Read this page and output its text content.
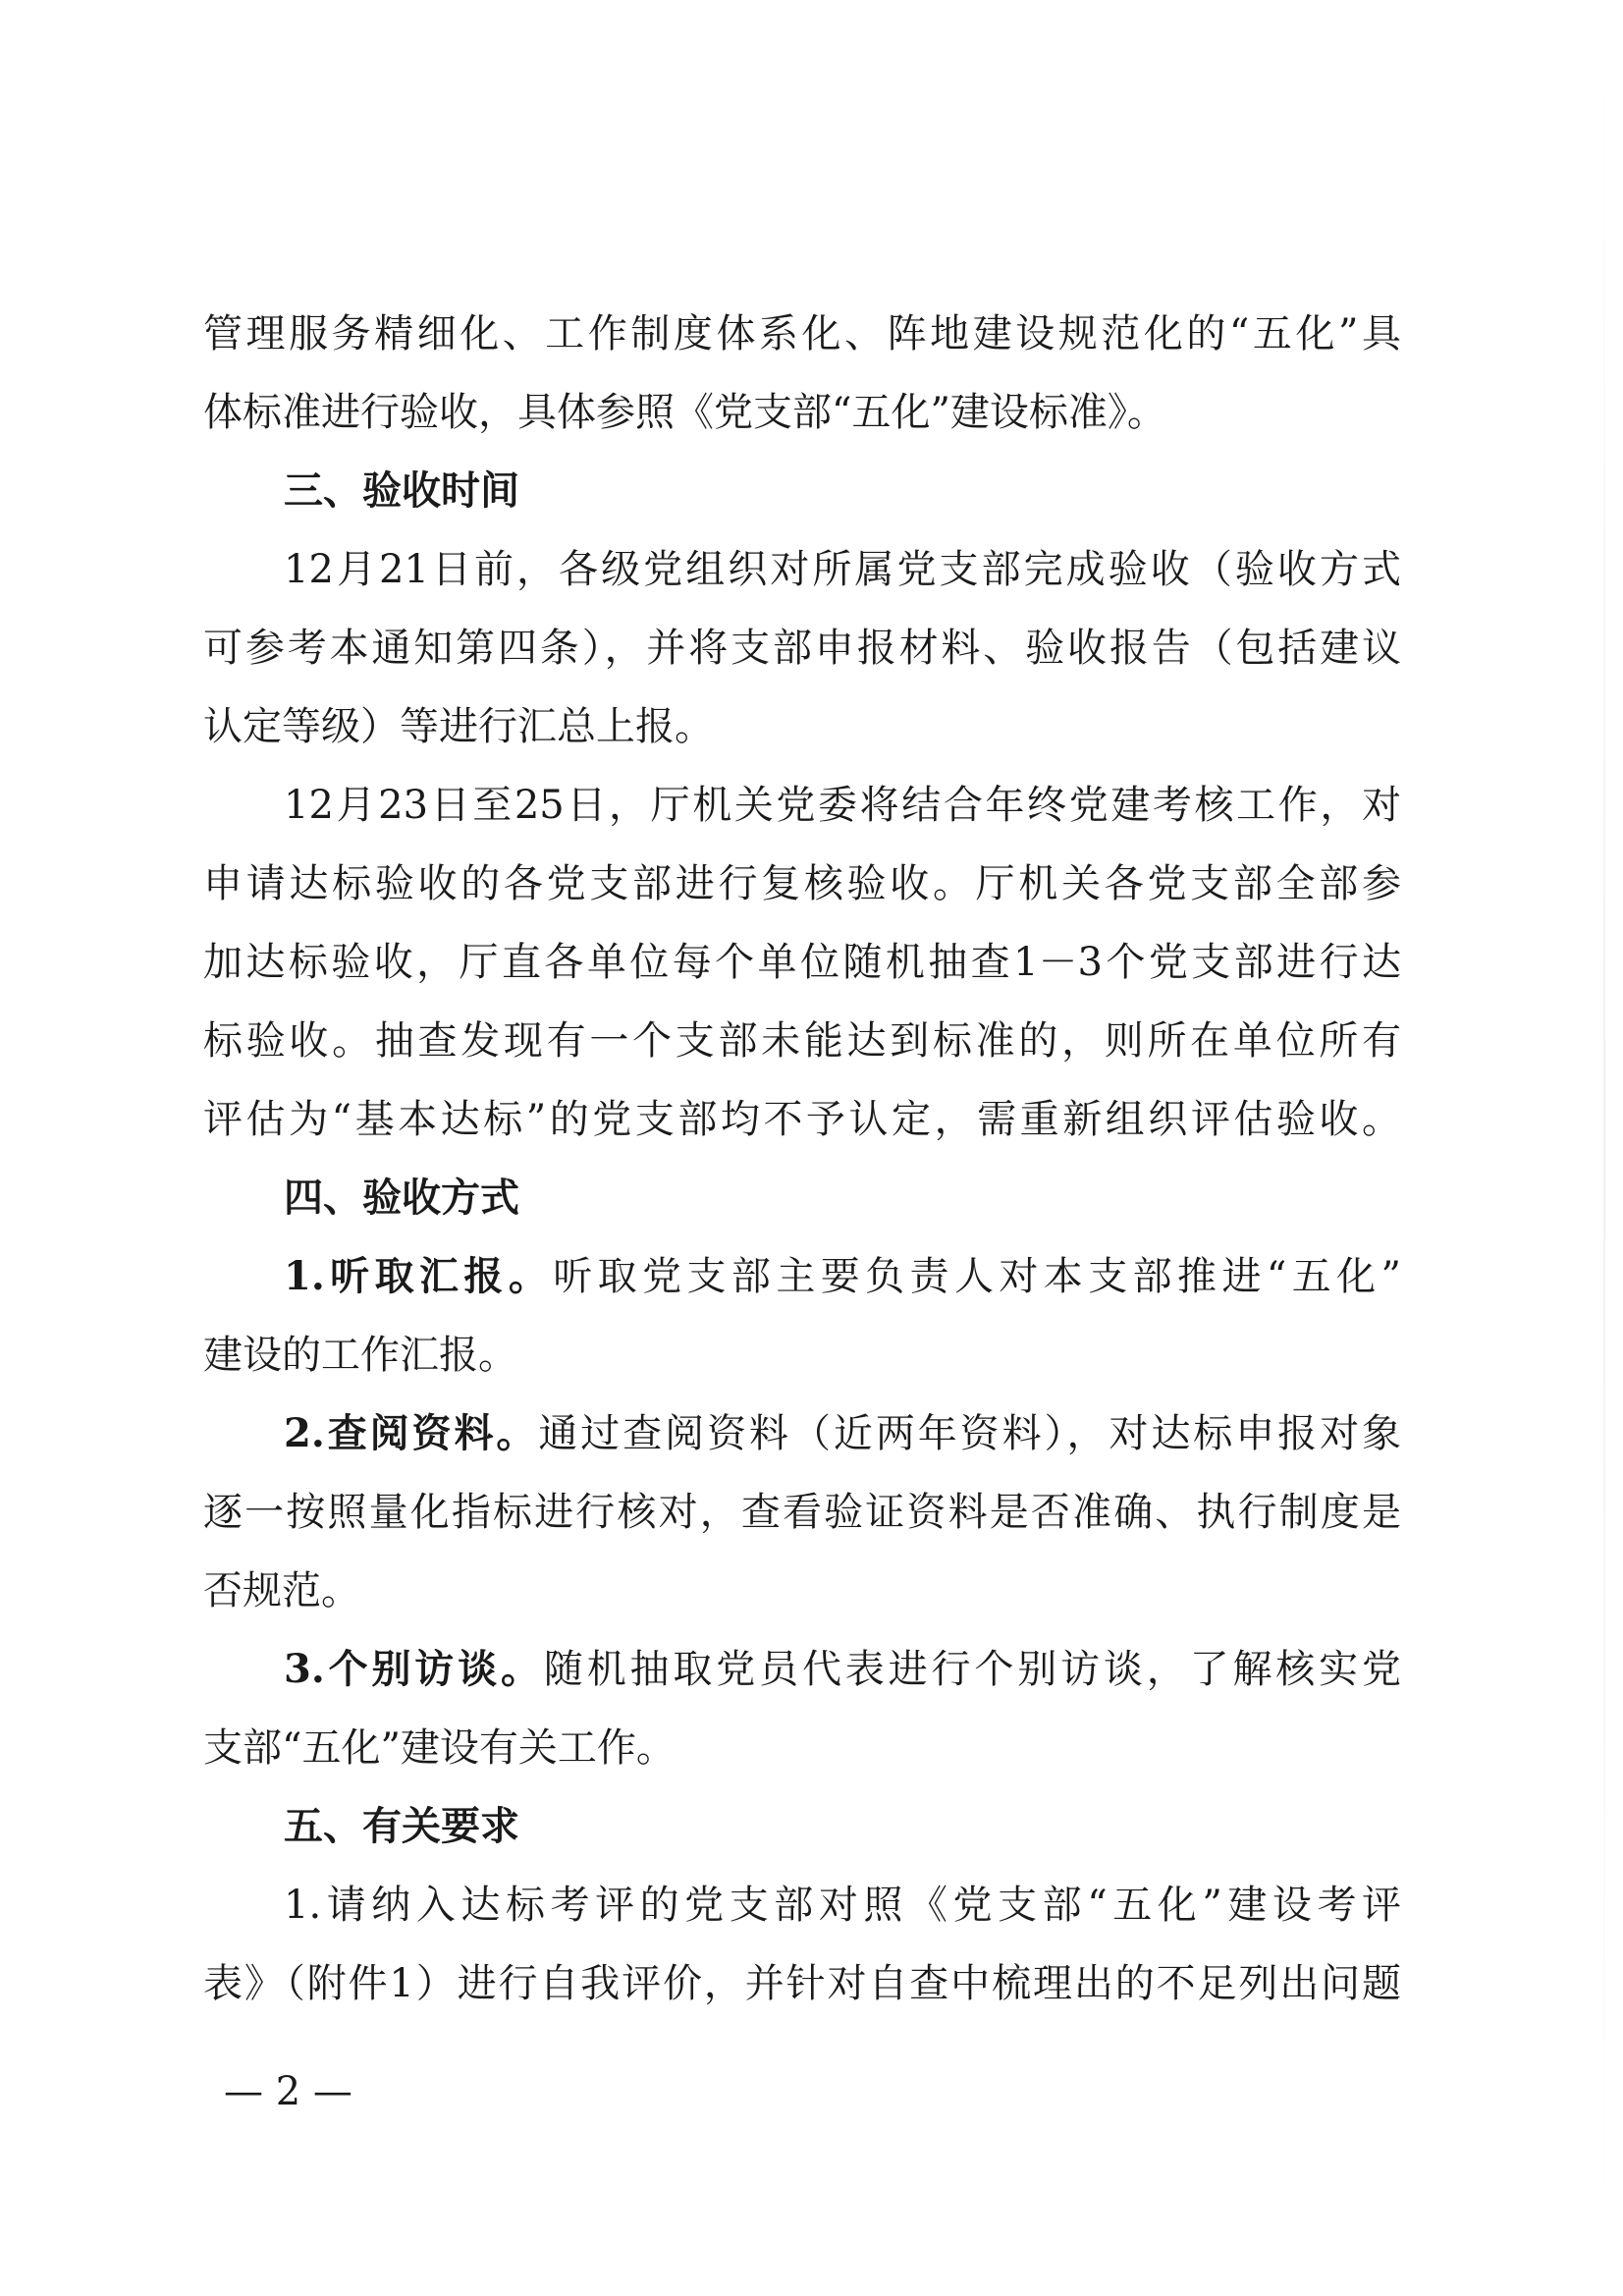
管理服务精细化、工作制度体系化、阵地建设规范化的“五化”具
体标准进行验收，具体参照《党支部“五化”建设标准》。
三、验收时间
12月21日前，各级党组织对所属党支部完成验收（验收方式
可参考本通知第四条），并将支部申报材料、验收报告（包括建议
认定等级）等进行汇总上报。
12月23日至25日，厅机关党委将结合年终党建考核工作，对
申请达标验收的各党支部进行复核验收。厅机关各党支部全部参
加达标验收，厅直各单位每个单位随机抽查1－3个党支部进行达
标验收。抽查发现有一个支部未能达到标准的，则所在单位所有
评估为“基本达标”的党支部均不予认定，需重新组织评估验收。
四、验收方式
1.听取汇报。听取党支部主要负责人对本支部推进“五化”
建设的工作汇报。
2.查阅资料。通过查阅资料（近两年资料），对达标申报对象
逐一按照量化指标进行核对，查看验证资料是否准确、执行制度是
否规范。
3.个别访谈。随机抽取党员代表进行个别访谈，了解核实党
支部“五化”建设有关工作。
五、有关要求
1.请纳入达标考评的党支部对照《党支部“五化”建设考评
表》（附件1）进行自我评价，并针对自查中梳理出的不足列出问题
— 2 —
